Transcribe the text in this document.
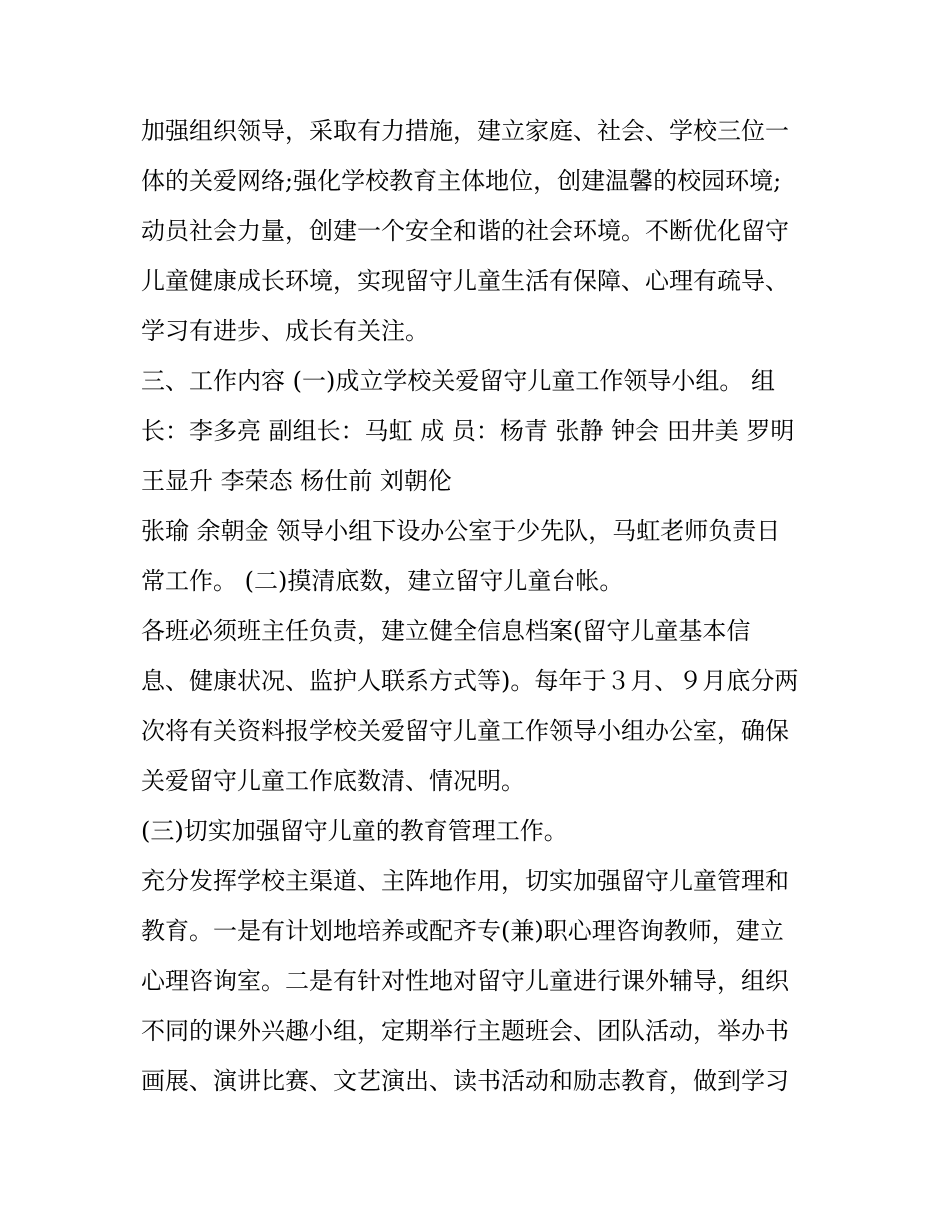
加强组织领导，采取有力措施，建立家庭、社会、学校三位一
体的关爱网络;强化学校教育主体地位，创建温馨的校园环境;
动员社会力量，创建一个安全和谐的社会环境。不断优化留守
儿童健康成长环境，实现留守儿童生活有保障、心理有疏导、
学习有进步、成长有关注。
三、工作内容 (一)成立学校关爱留守儿童工作领导小组。 组
长：李多亮 副组长：马虹 成 员：杨青 张静 钟会 田井美 罗明
王显升 李荣态 杨仕前 刘朝伦
张瑜 余朝金 领导小组下设办公室于少先队，马虹老师负责日
常工作。 (二)摸清底数，建立留守儿童台帐。
各班必须班主任负责，建立健全信息档案(留守儿童基本信
息、健康状况、监护人联系方式等)。每年于３月、９月底分两
次将有关资料报学校关爱留守儿童工作领导小组办公室，确保
关爱留守儿童工作底数清、情况明。
(三)切实加强留守儿童的教育管理工作。
充分发挥学校主渠道、主阵地作用，切实加强留守儿童管理和
教育。一是有计划地培养或配齐专(兼)职心理咨询教师，建立
心理咨询室。二是有针对性地对留守儿童进行课外辅导，组织
不同的课外兴趣小组，定期举行主题班会、团队活动，举办书
画展、演讲比赛、文艺演出、读书活动和励志教育，做到学习
